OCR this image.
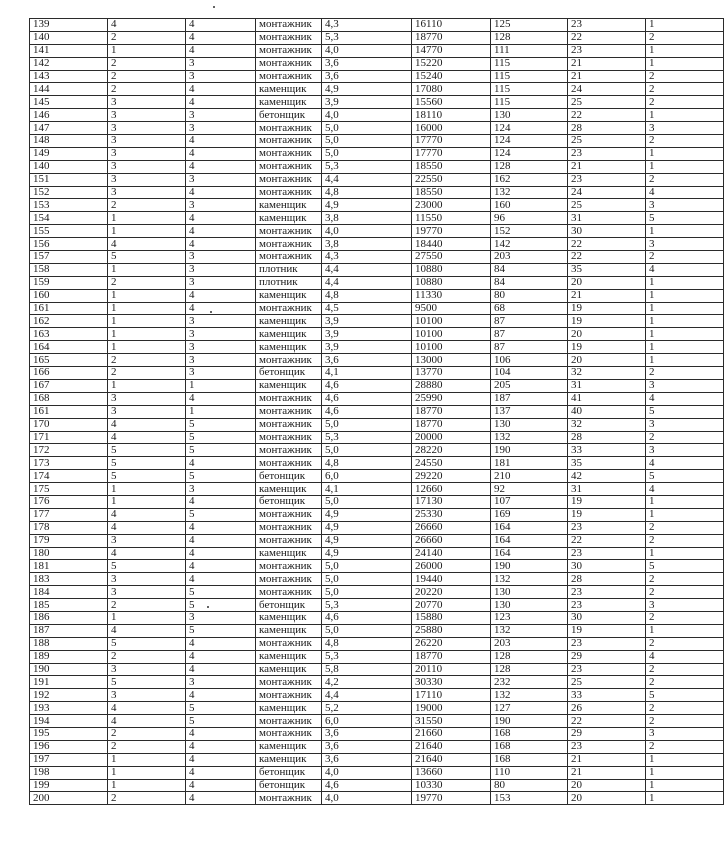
139	4	4	монтажник	4,3	16110	125	23	1
140	2	4	монтажник	5,3	18770	128	22	2
141	1	4	монтажник	4,0	14770	111	23	1
142	2	3	монтажник	3,6	15220	115	21	1
143	2	3	монтажник	3,6	15240	115	21	2
144	2	4	каменщик	4,9	17080	115	24	2
145	3	4	каменщик	3,9	15560	115	25	2
146	3	3	бетонщик	4,0	18110	130	22	1
147	3	3	монтажник	5,0	16000	124	28	3
148	3	4	монтажник	5,0	17770	124	25	2
149	3	4	монтажник	5,0	17770	124	23	1
140	3	4	монтажник	5,3	18550	128	21	1
151	3	3	монтажник	4,4	22550	162	23	2
152	3	4	монтажник	4,8	18550	132	24	4
153	2	3	каменщик	4,9	23000	160	25	3
154	1	4	каменщик	3,8	11550	96	31	5
155	1	4	монтажник	4,0	19770	152	30	1
156	4	4	монтажник	3,8	18440	142	22	3
157	5	3	монтажник	4,3	27550	203	22	2
158	1	3	плотник	4,4	10880	84	35	4
159	2	3	плотник	4,4	10880	84	20	1
160	1	4	каменщик	4,8	11330	80	21	1
161	1	4	монтажник	4,5	9500	68	19	1
162	1	3	каменщик	3,9	10100	87	19	1
163	1	3	каменщик	3,9	10100	87	20	1
164	1	3	каменщик	3,9	10100	87	19	1
165	2	3	монтажник	3,6	13000	106	20	1
166	2	3	бетонщик	4,1	13770	104	32	2
167	1	1	каменщик	4,6	28880	205	31	3
168	3	4	монтажник	4,6	25990	187	41	4
161	3	1	монтажник	4,6	18770	137	40	5
170	4	5	монтажник	5,0	18770	130	32	3
171	4	5	монтажник	5,3	20000	132	28	2
172	5	5	монтажник	5,0	28220	190	33	3
173	5	4	монтажник	4,8	24550	181	35	4
174	5	5	бетонщик	6,0	29220	210	42	5
175	1	3	каменщик	4,1	12660	92	31	4
176	1	4	бетонщик	5,0	17130	107	19	1
177	4	5	монтажник	4,9	25330	169	19	1
178	4	4	монтажник	4,9	26660	164	23	2
179	3	4	монтажник	4,9	26660	164	22	2
180	4	4	каменщик	4,9	24140	164	23	1
181	5	4	монтажник	5,0	26000	190	30	5
183	3	4	монтажник	5,0	19440	132	28	2
184	3	5	монтажник	5,0	20220	130	23	2
185	2	5	бетонщик	5,3	20770	130	23	3
186	1	3	каменщик	4,6	15880	123	30	2
187	4	5	каменщик	5,0	25880	132	19	1
188	5	4	монтажник	4,8	26220	203	23	2
189	2	4	каменщик	5,3	18770	128	29	4
190	3	4	каменщик	5,8	20110	128	23	2
191	5	3	монтажник	4,2	30330	232	25	2
192	3	4	монтажник	4,4	17110	132	33	5
193	4	5	каменщик	5,2	19000	127	26	2
194	4	5	монтажник	6,0	31550	190	22	2
195	2	4	монтажник	3,6	21660	168	29	3
196	2	4	каменщик	3,6	21640	168	23	2
197	1	4	каменщик	3,6	21640	168	21	1
198	1	4	бетонщик	4,0	13660	110	21	1
199	1	4	бетонщик	4,6	10330	80	20	1
200	2	4	монтажник	4,0	19770	153	20	1
